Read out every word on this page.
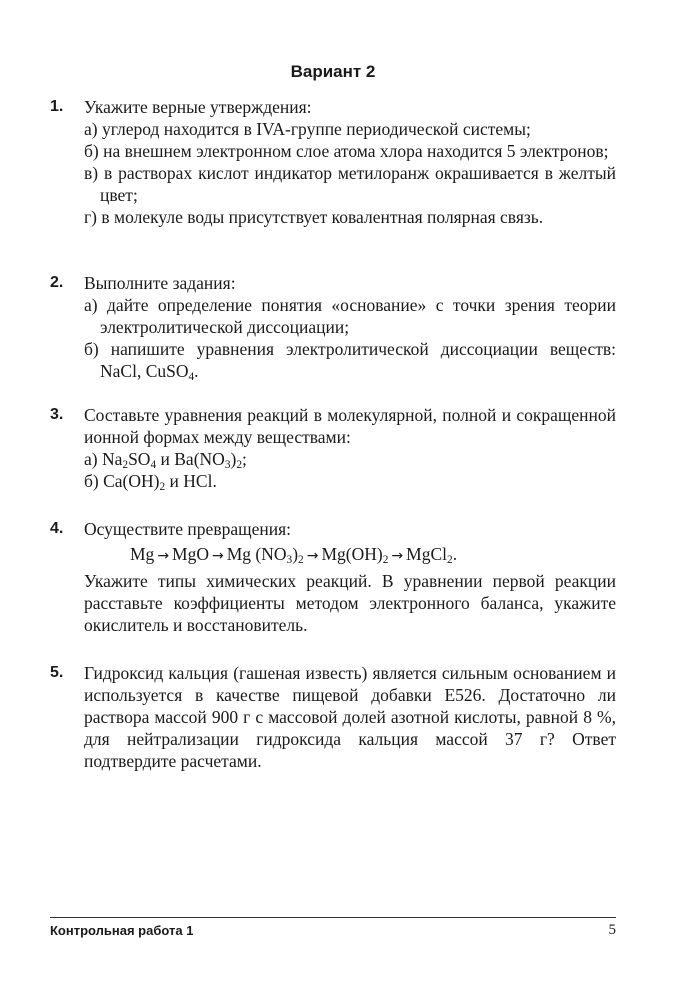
Вариант 2
1. Укажите верные утверждения:
а) углерод находится в IVA-группе периодической системы;
б) на внешнем электронном слое атома хлора находится 5 электронов;
в) в растворах кислот индикатор метилоранж окрашивается в желтый цвет;
г) в молекуле воды присутствует ковалентная полярная связь.
2. Выполните задания:
а) дайте определение понятия «основание» с точки зрения теории электролитической диссоциации;
б) напишите уравнения электролитической диссоциации веществ: NaCl, CuSO$_4$.
3. Составьте уравнения реакций в молекулярной, полной и сокращенной ионной формах между веществами:
а) $Na_2SO_4$ и $Ba(NO_3)_2$;
б) $Ca(OH)_2$ и HCl.
4. Осуществите превращения:
Mg → MgO → Mg $(NO_3)_2 \to Mg(OH)_2$ → MgCl$_2$.
Укажите типы химических реакций. В уравнении первой реакции расставьте коэффициенты методом электронного баланса, укажите окислитель и восстановитель.
5. Гидроксид кальция (гашеная известь) является сильным основанием и используется в качестве пищевой добавки E526. Достаточно ли раствора массой 900 г с массовой долей азотной кислоты, равной 8 %, для нейтрализации гидроксида кальция массой 37 г? Ответ подтвердите расчетами.
Контрольная работа 1	5
